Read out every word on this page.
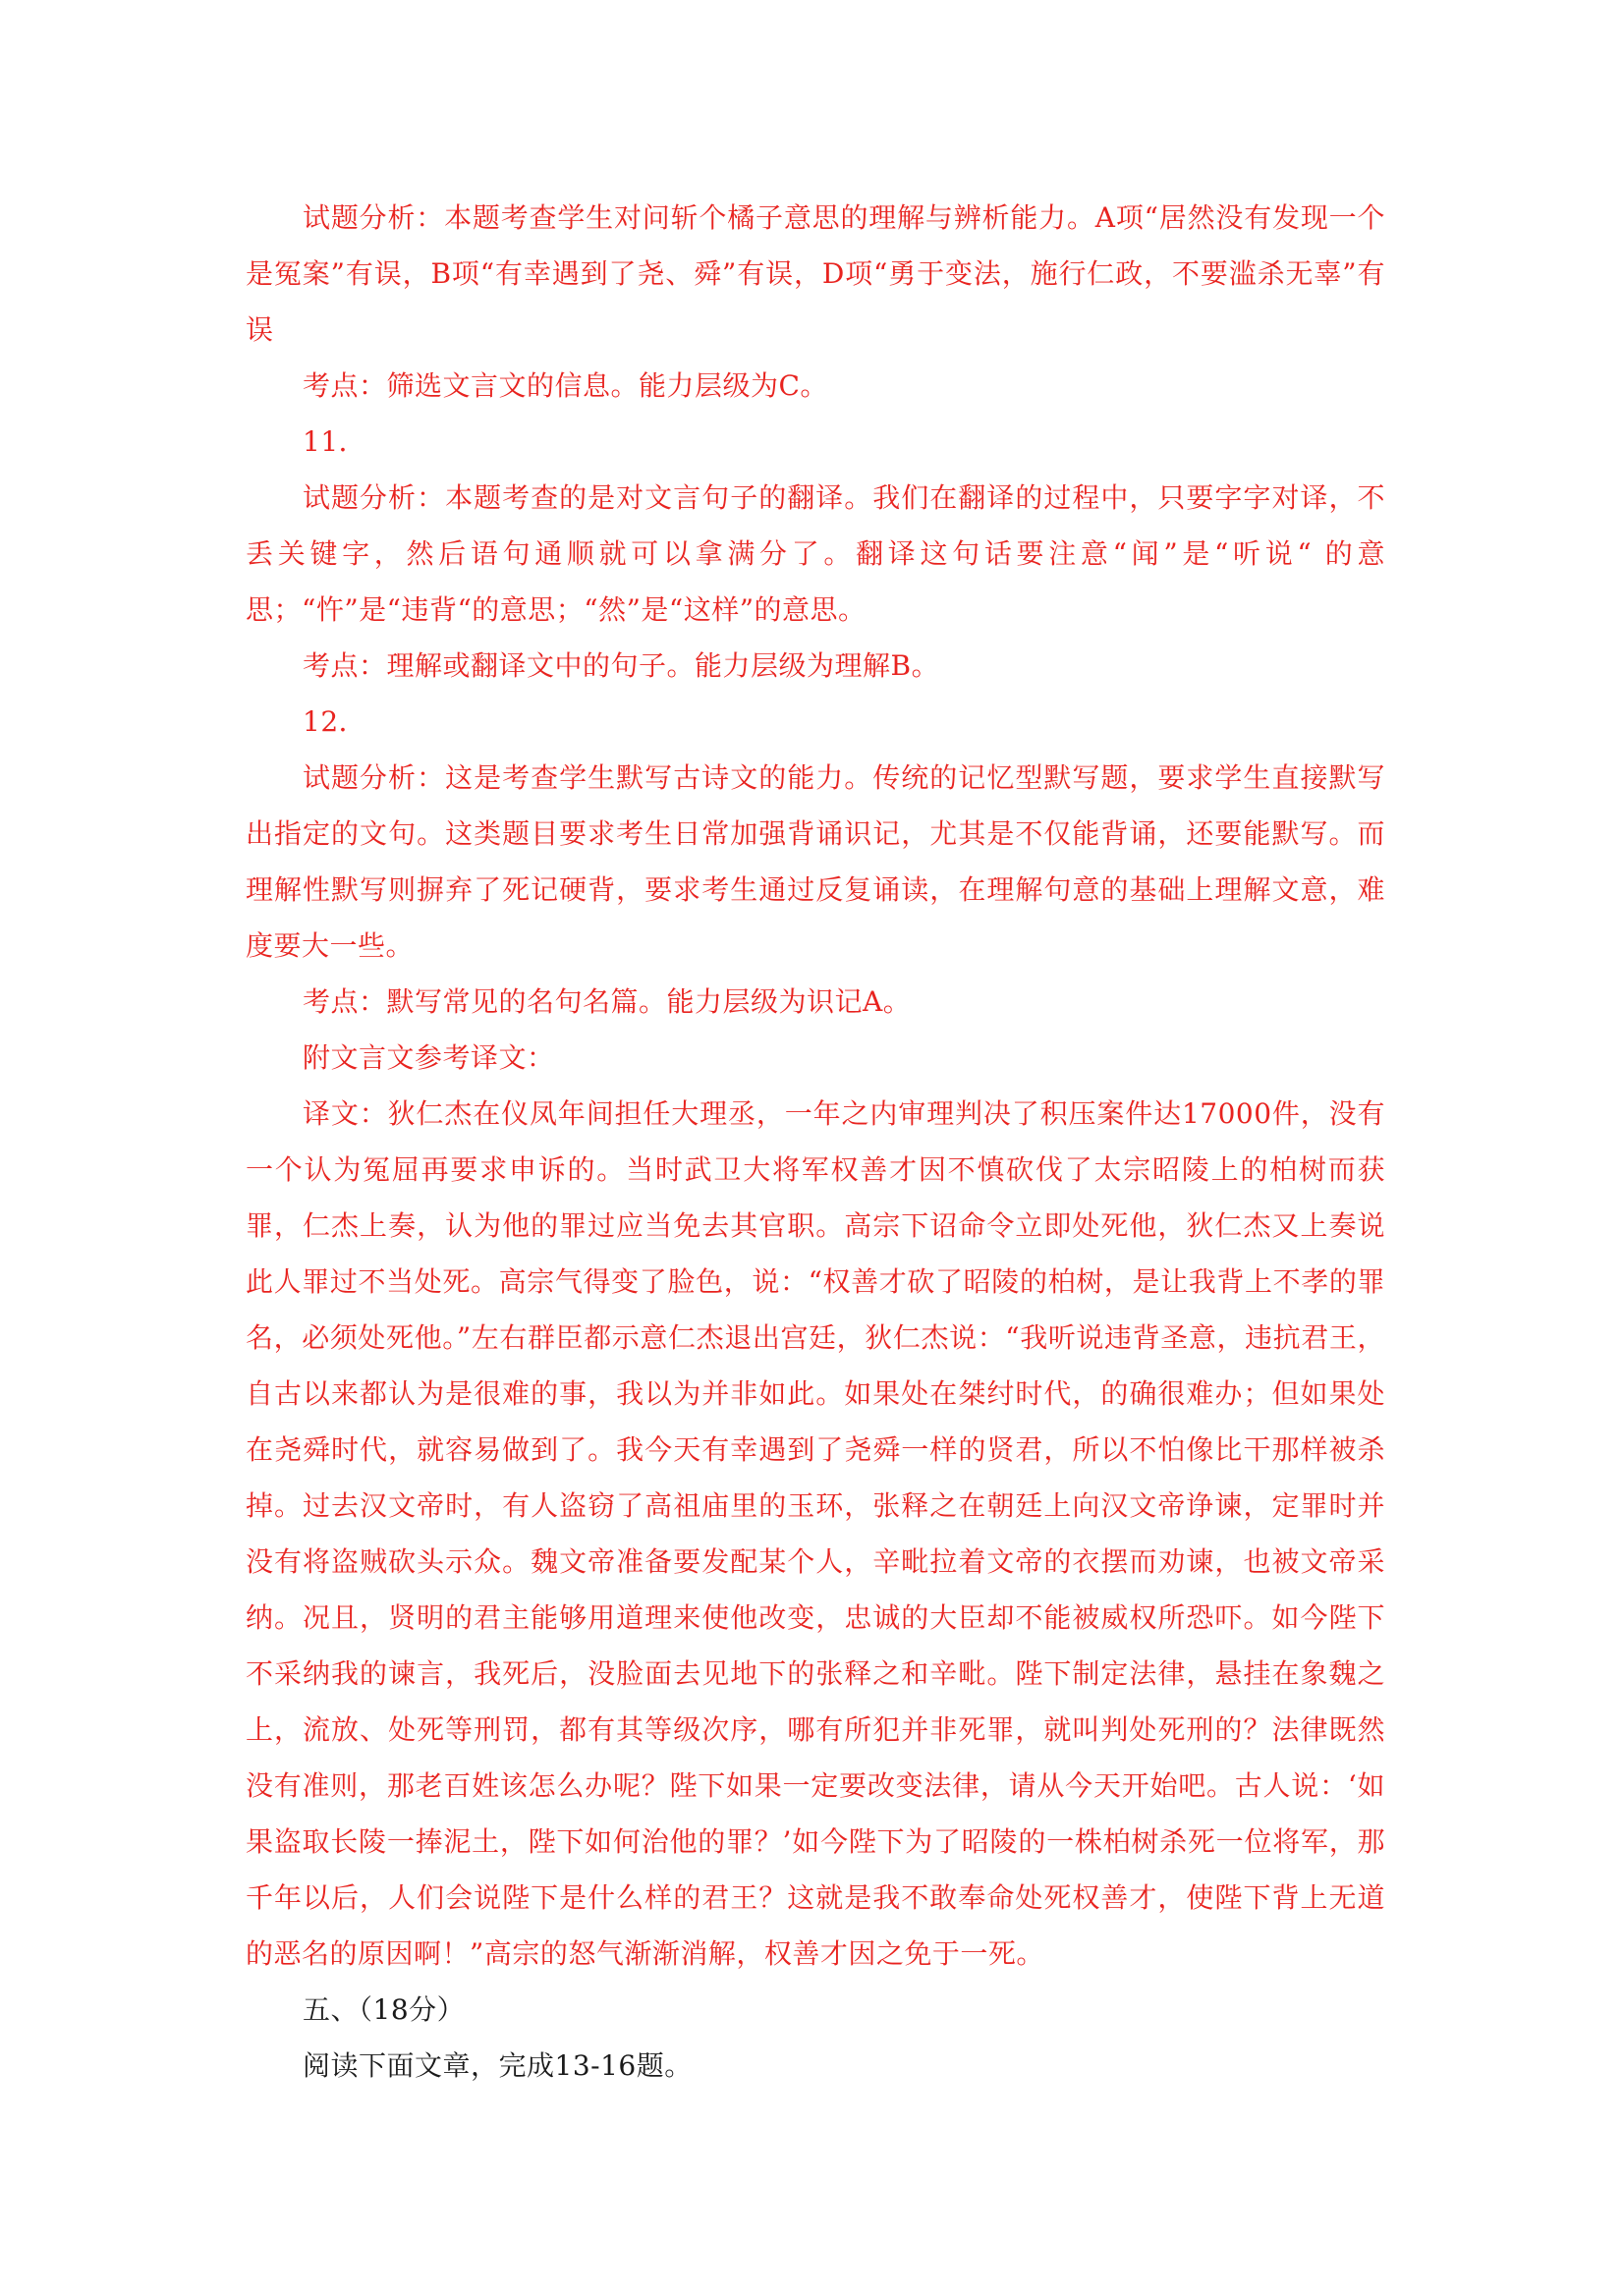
试题分析：本题考查学生对问斩个橘子意思的理解与辨析能力。A项“居然没有发现一个是冤案”有误，B项“有幸遇到了尧、舜”有误，D项“勇于变法，施行仁政，不要滥杀无辜”有误

考点：筛选文言文的信息。能力层级为C。

11．

试题分析：本题考查的是对文言句子的翻译。我们在翻译的过程中，只要字字对译，不丢关键字，然后语句通顺就可以拿满分了。翻译这句话要注意“闻”是“听说“ 的意思；“忤”是“违背“的意思；“然”是“这样”的意思。

考点：理解或翻译文中的句子。能力层级为理解B。

12．

试题分析：这是考查学生默写古诗文的能力。传统的记忆型默写题，要求学生直接默写出指定的文句。这类题目要求考生日常加强背诵识记，尤其是不仅能背诵，还要能默写。而理解性默写则摒弃了死记硬背，要求考生通过反复诵读，在理解句意的基础上理解文意，难度要大一些。

考点：默写常见的名句名篇。能力层级为识记A。

附文言文参考译文：

译文：狄仁杰在仪凤年间担任大理丞，一年之内审理判决了积压案件达17000件，没有一个认为冤屈再要求申诉的。当时武卫大将军权善才因不慎砍伐了太宗昭陵上的柏树而获罪，仁杰上奏，认为他的罪过应当免去其官职。高宗下诏命令立即处死他，狄仁杰又上奏说此人罪过不当处死。高宗气得变了脸色，说：“权善才砍了昭陵的柏树，是让我背上不孝的罪名，必须处死他。”左右群臣都示意仁杰退出宫廷，狄仁杰说：“我听说违背圣意，违抗君王，自古以来都认为是很难的事，我以为并非如此。如果处在桀纣时代，的确很难办；但如果处在尧舜时代，就容易做到了。我今天有幸遇到了尧舜一样的贤君，所以不怕像比干那样被杀掉。过去汉文帝时，有人盗窃了高祖庙里的玉环，张释之在朝廷上向汉文帝诤谏，定罪时并没有将盗贼砍头示众。魏文帝准备要发配某个人，辛毗拉着文帝的衣摆而劝谏，也被文帝采纳。况且，贤明的君主能够用道理来使他改变，忠诚的大臣却不能被威权所恐吓。如今陛下不采纳我的谏言，我死后，没脸面去见地下的张释之和辛毗。陛下制定法律，悬挂在象魏之上，流放、处死等刑罚，都有其等级次序，哪有所犯并非死罪，就叫判处死刑的？法律既然没有准则，那老百姓该怎么办呢？陛下如果一定要改变法律，请从今天开始吧。古人说：‘如果盗取长陵一捧泥土，陛下如何治他的罪？’如今陛下为了昭陵的一株柏树杀死一位将军，那千年以后，人们会说陛下是什么样的君王？这就是我不敢奉命处死权善才，使陛下背上无道的恶名的原因啊！”高宗的怒气渐渐消解，权善才因之免于一死。

五、（18分）

阅读下面文章，完成13-16题。
